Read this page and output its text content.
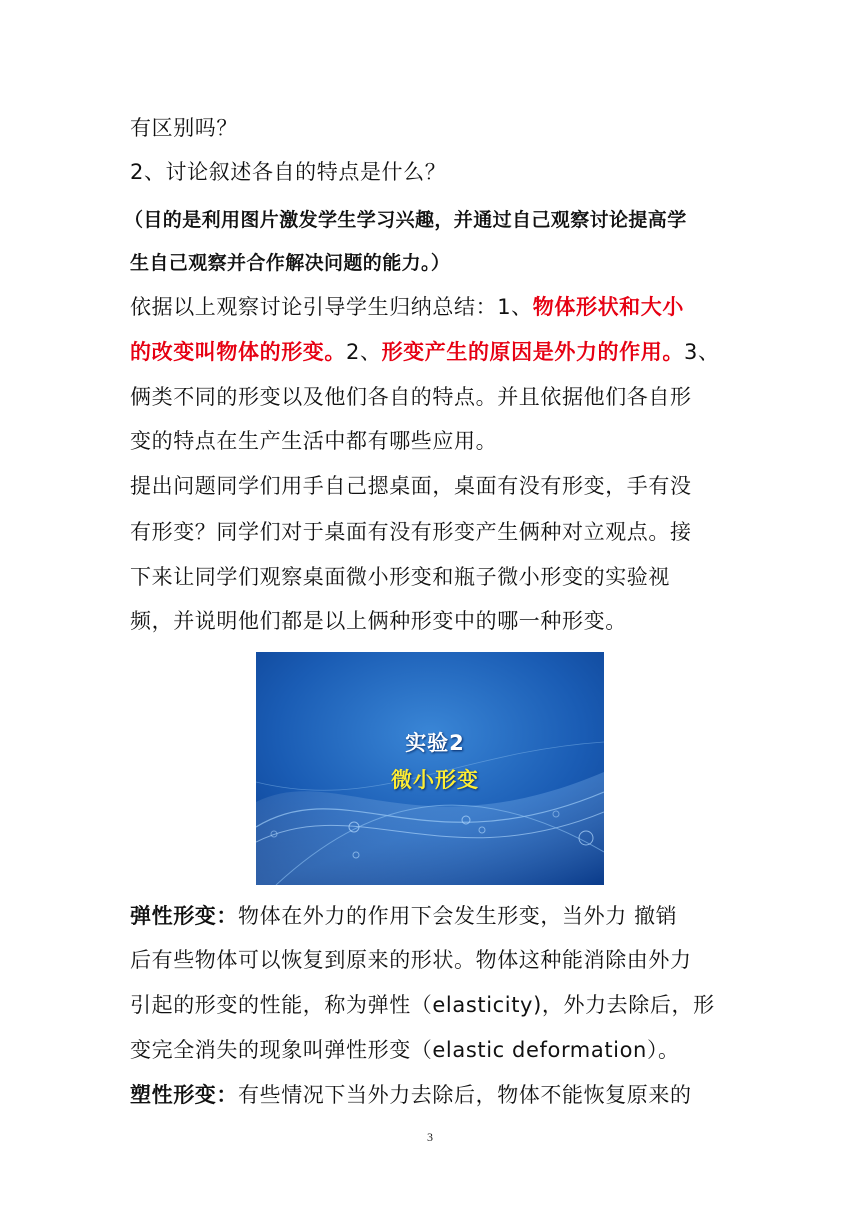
有区别吗？
2、讨论叙述各自的特点是什么？
（目的是利用图片激发学生学习兴趣，并通过自己观察讨论提高学
生自己观察并合作解决问题的能力。）
依据以上观察讨论引导学生归纳总结：1、物体形状和大小
的改变叫物体的形变。2、形变产生的原因是外力的作用。3、
俩类不同的形变以及他们各自的特点。并且依据他们各自形
变的特点在生产生活中都有哪些应用。
提出问题同学们用手自己摁桌面，桌面有没有形变，手有没
有形变？同学们对于桌面有没有形变产生俩种对立观点。接
下来让同学们观察桌面微小形变和瓶子微小形变的实验视
频，并说明他们都是以上俩种形变中的哪一种形变。
实验2
微小形变
弹性形变：物体在外力的作用下会发生形变，当外力 撤销
后有些物体可以恢复到原来的形状。物体这种能消除由外力
引起的形变的性能，称为弹性（elasticity)，外力去除后，形
变完全消失的现象叫弹性形变（elastic deformation）。
塑性形变：有些情况下当外力去除后，物体不能恢复原来的
3
